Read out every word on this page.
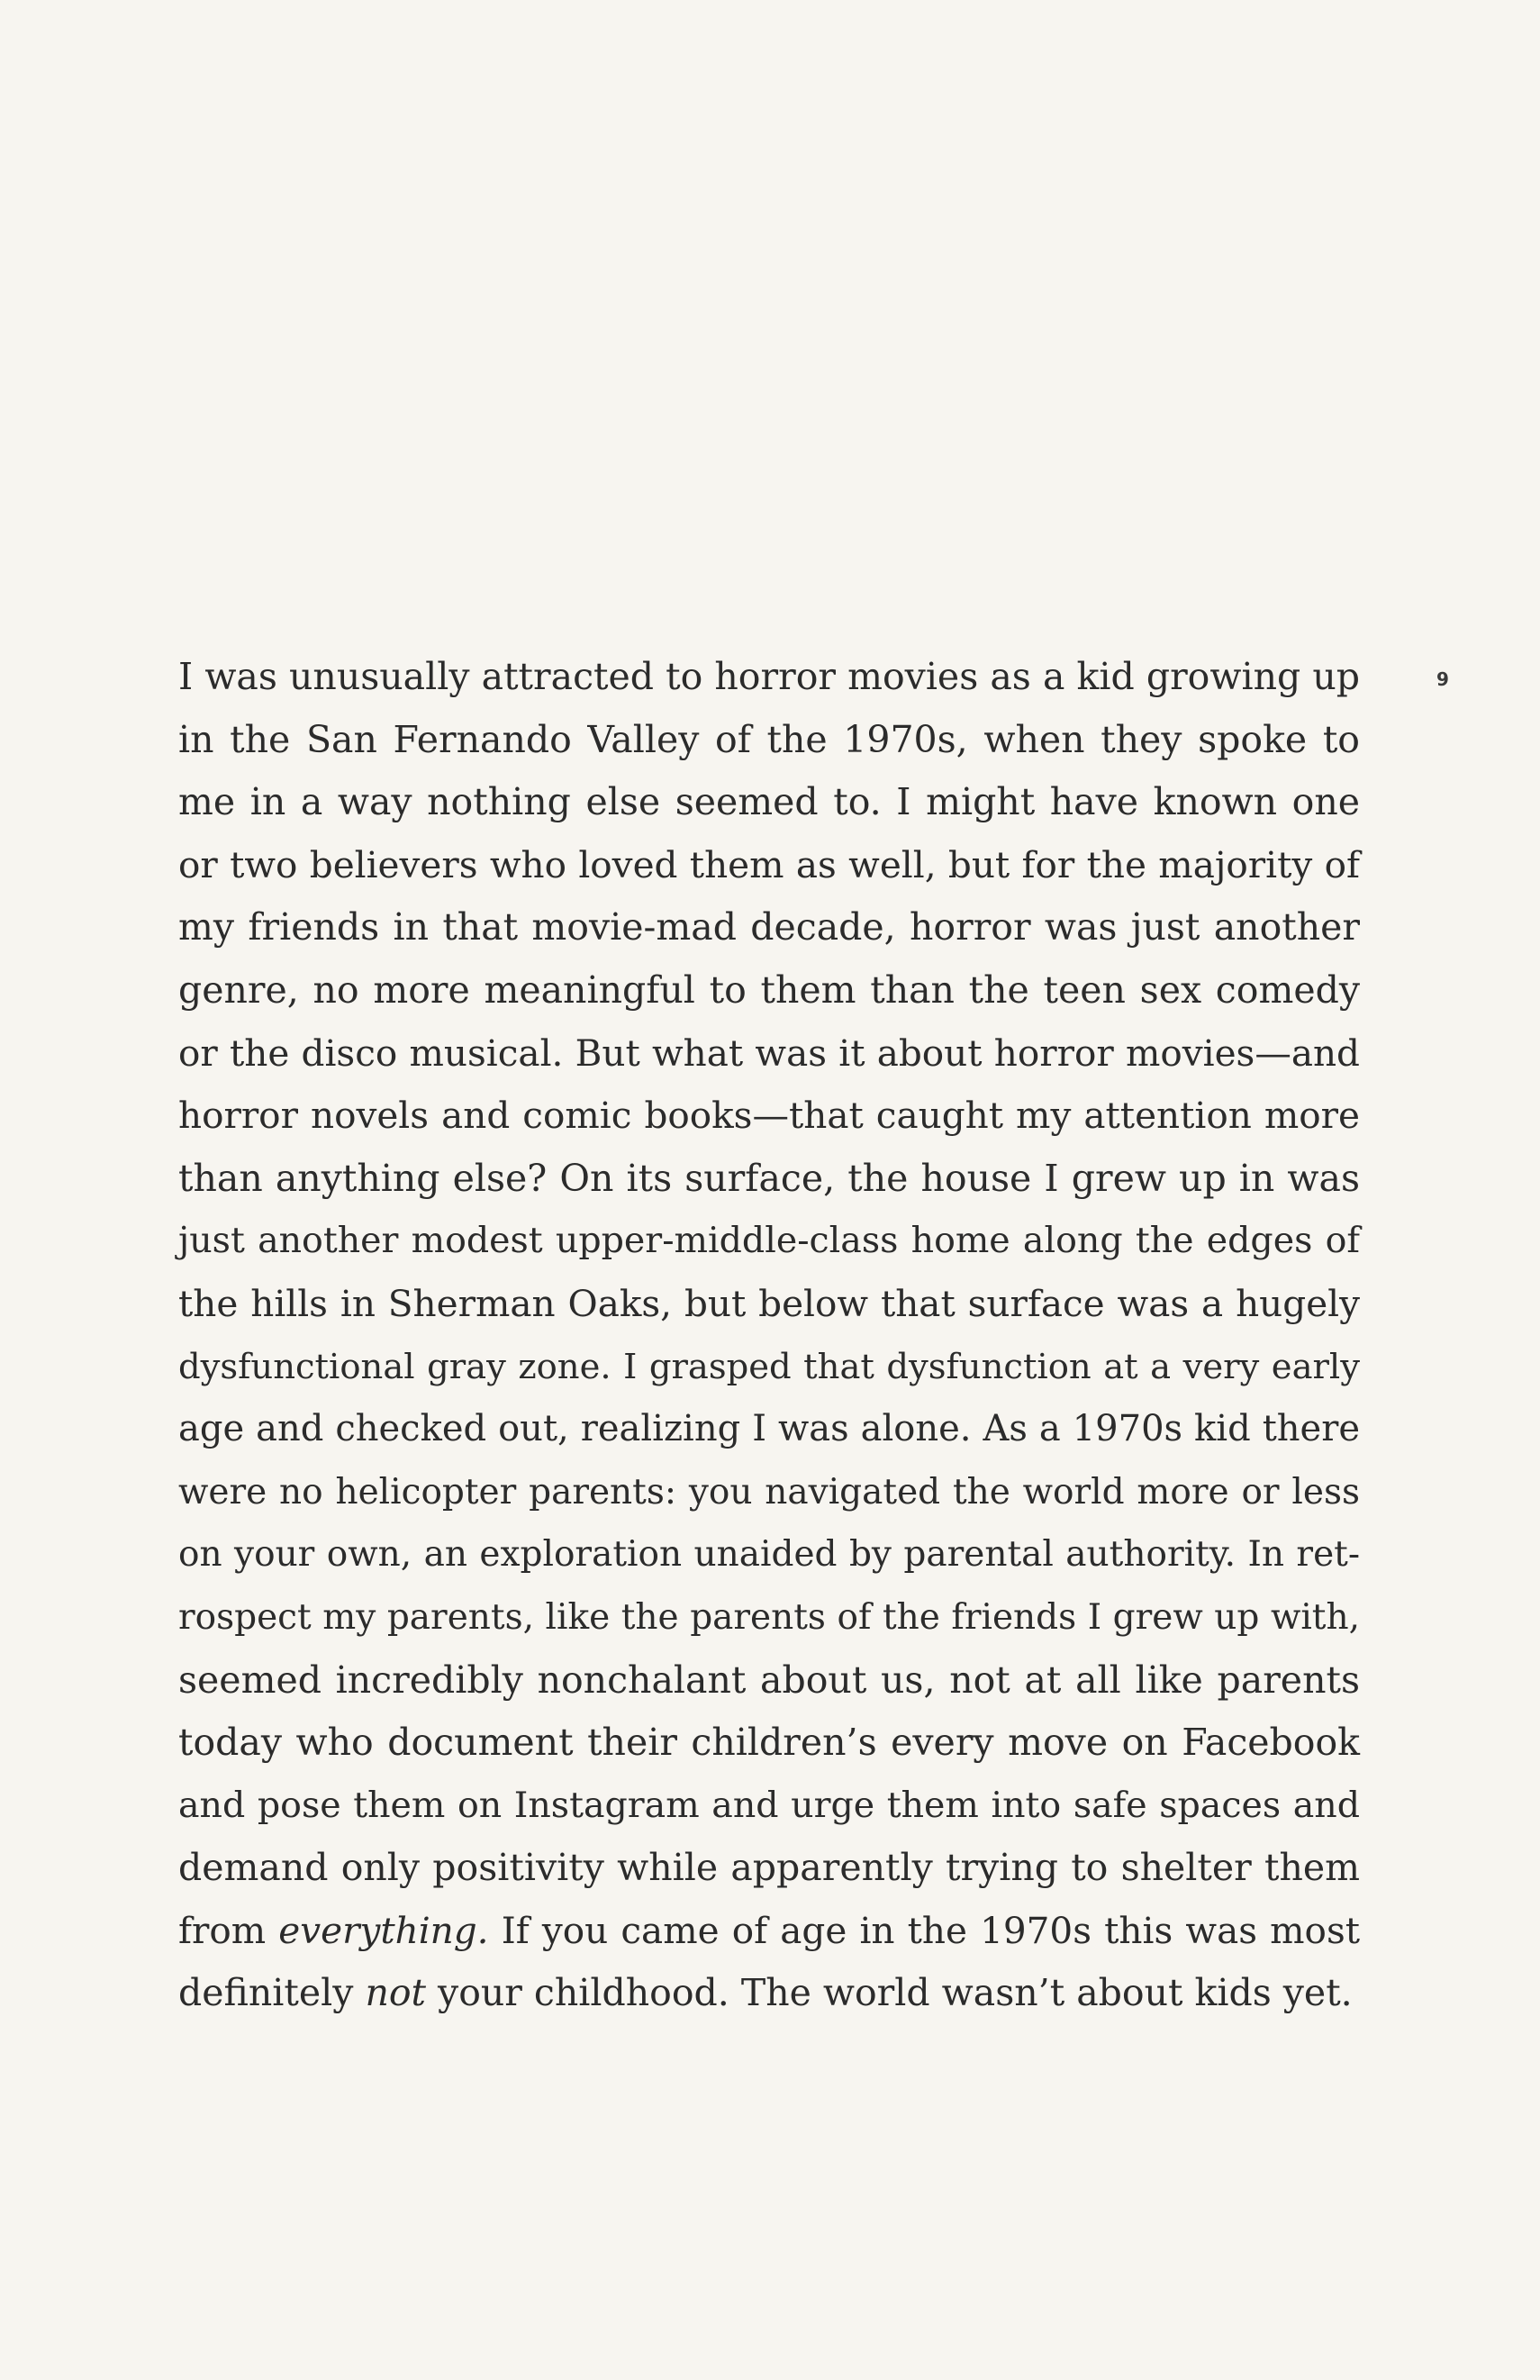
9
I was unusually attracted to horror movies as a kid growing up
in the San Fernando Valley of the 1970s, when they spoke to
me in a way nothing else seemed to. I might have known one
or two believers who loved them as well, but for the majority of
my friends in that movie-mad decade, horror was just another
genre, no more meaningful to them than the teen sex comedy
or the disco musical. But what was it about horror movies—and
horror novels and comic books—that caught my attention more
than anything else? On its surface, the house I grew up in was
just another modest upper-middle-class home along the edges of
the hills in Sherman Oaks, but below that surface was a hugely
dysfunctional gray zone. I grasped that dysfunction at a very early
age and checked out, realizing I was alone. As a 1970s kid there
were no helicopter parents: you navigated the world more or less
on your own, an exploration unaided by parental authority. In ret-
rospect my parents, like the parents of the friends I grew up with,
seemed incredibly nonchalant about us, not at all like parents
today who document their children’s every move on Facebook
and pose them on Instagram and urge them into safe spaces and
demand only positivity while apparently trying to shelter them
from everything. If you came of age in the 1970s this was most
definitely not your childhood. The world wasn’t about kids yet.
